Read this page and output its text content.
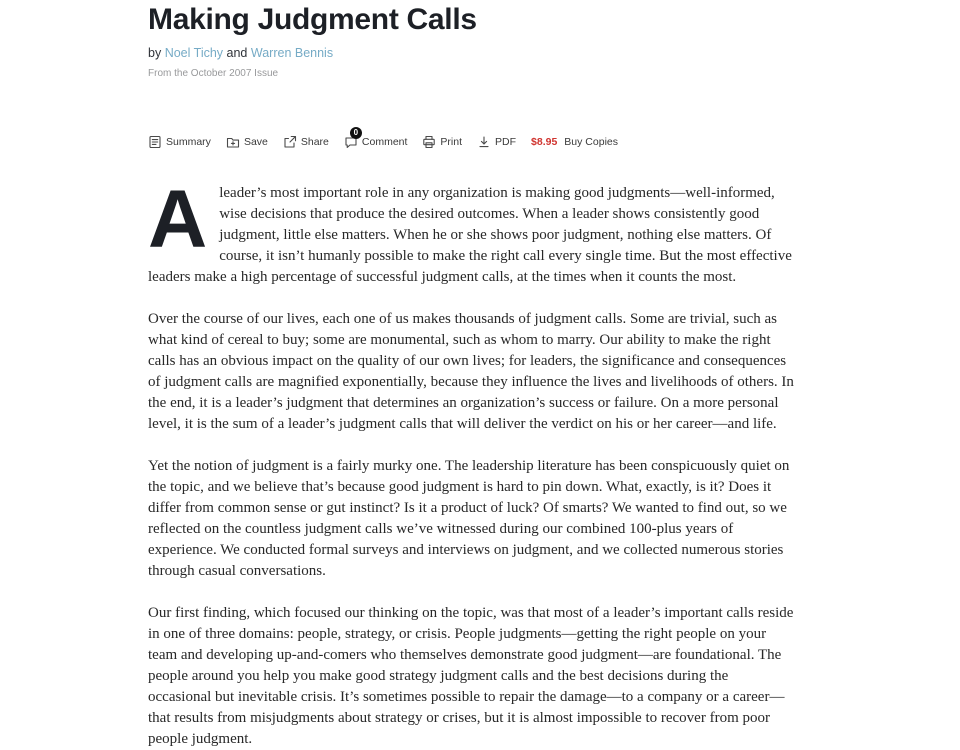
Making Judgment Calls
by Noel Tichy and Warren Bennis
From the October 2007 Issue
Summary	Save	Share
0
Comment	Print	PDF $8.95 Buy Copies

Aleader’s most important role in any organization is making good judgments—well-informed, wise decisions that produce the desired outcomes. When a leader shows consistently good judgment, little else matters. When he or she shows poor judgment, nothing else matters. Of course, it isn’t humanly possible to make the right call every single time. But the most effective leaders make a high percentage of successful judgment calls, at the times when it counts the most.

Over the course of our lives, each one of us makes thousands of judgment calls. Some are trivial, such as what kind of cereal to buy; some are monumental, such as whom to marry. Our ability to make the right calls has an obvious impact on the quality of our own lives; for leaders, the significance and consequences of judgment calls are magnified exponentially, because they influence the lives and livelihoods of others. In the end, it is a leader’s judgment that determines an organization’s success or failure. On a more personal level, it is the sum of a leader’s judgment calls that will deliver the verdict on his or her career—and life.

Yet the notion of judgment is a fairly murky one. The leadership literature has been conspicuously quiet on the topic, and we believe that’s because good judgment is hard to pin down. What, exactly, is it? Does it differ from common sense or gut instinct? Is it a product of luck? Of smarts? We wanted to find out, so we reflected on the countless judgment calls we’ve witnessed during our combined 100-plus years of experience. We conducted formal surveys and interviews on judgment, and we collected numerous stories through casual conversations.

Our first finding, which focused our thinking on the topic, was that most of a leader’s important calls reside in one of three domains: people, strategy, or crisis. People judgments—getting the right people on your team and developing up-and-comers who themselves demonstrate good judgment—are foundational. The people around you help you make good strategy judgment calls and the best decisions during the occasional but inevitable crisis. It’s sometimes possible to repair the damage—to a company or a career—that results from misjudgments about strategy or crises, but it is almost impossible to recover from poor people judgment.
